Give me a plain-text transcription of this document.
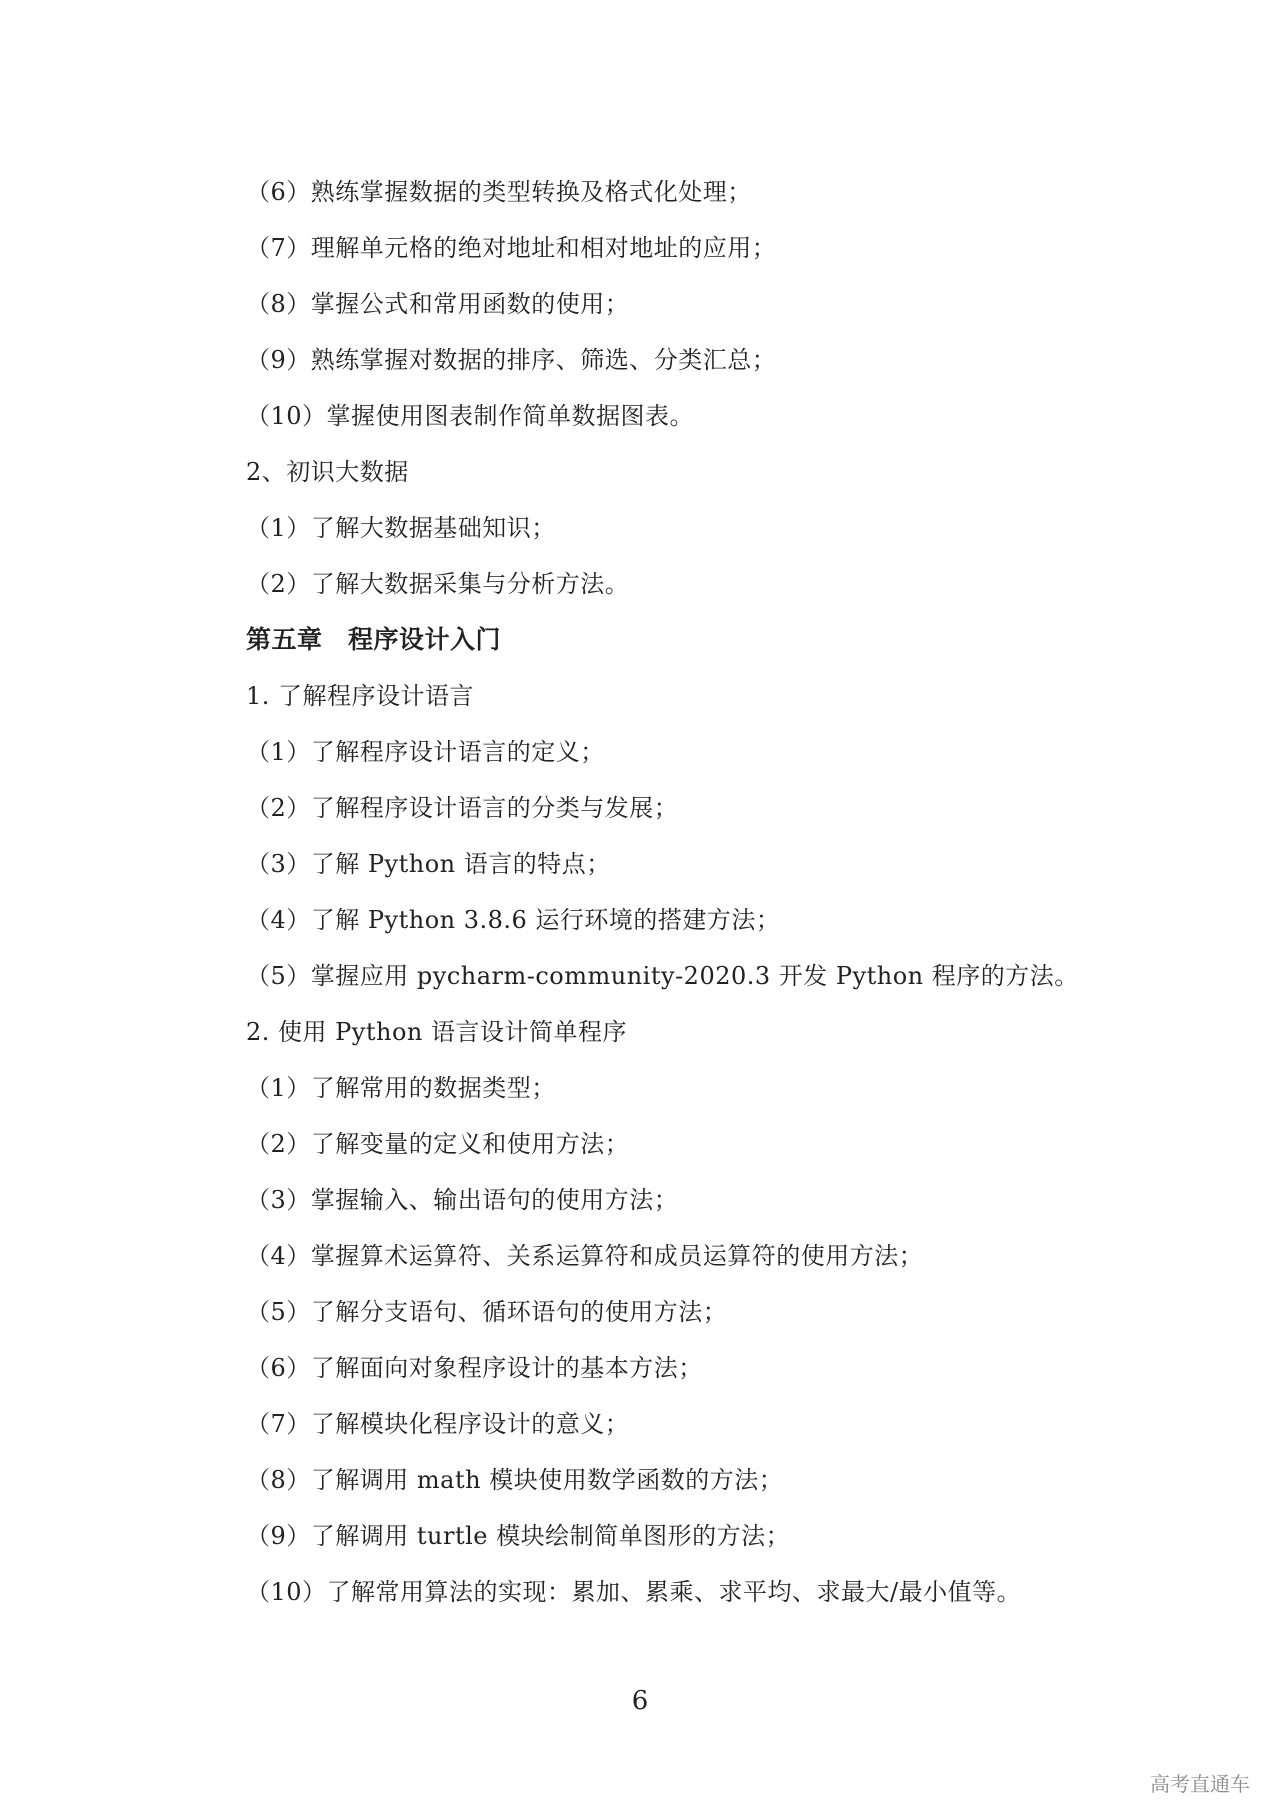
（6）熟练掌握数据的类型转换及格式化处理；
（7）理解单元格的绝对地址和相对地址的应用；
（8）掌握公式和常用函数的使用；
（9）熟练掌握对数据的排序、筛选、分类汇总；
（10）掌握使用图表制作简单数据图表。
2、初识大数据
（1）了解大数据基础知识；
（2）了解大数据采集与分析方法。
第五章　程序设计入门
1. 了解程序设计语言
（1）了解程序设计语言的定义；
（2）了解程序设计语言的分类与发展；
（3）了解 Python 语言的特点；
（4）了解 Python 3.8.6 运行环境的搭建方法；
（5）掌握应用 pycharm-community-2020.3 开发 Python 程序的方法。
2. 使用 Python 语言设计简单程序
（1）了解常用的数据类型；
（2）了解变量的定义和使用方法；
（3）掌握输入、输出语句的使用方法；
（4）掌握算术运算符、关系运算符和成员运算符的使用方法；
（5）了解分支语句、循环语句的使用方法；
（6）了解面向对象程序设计的基本方法；
（7）了解模块化程序设计的意义；
（8）了解调用 math 模块使用数学函数的方法；
（9）了解调用 turtle 模块绘制简单图形的方法；
（10）了解常用算法的实现：累加、累乘、求平均、求最大/最小值等。
6
高考直通车
